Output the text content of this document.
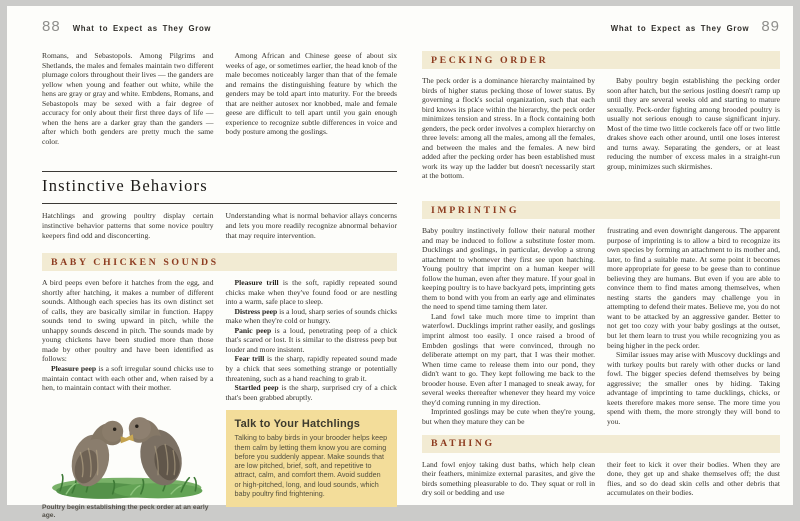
88 What to Expect as They Grow

Romans, and Sebastopols. Among Pilgrims and Shetlands, the males and females maintain two different plumage colors throughout their lives — the ganders are yellow when young and feather out white, while the hens are gray or gray and white. Embdens, Romans, and Sebastopols may be sexed with a fair degree of accuracy for only about their first three days of life — when the hens are a darker gray than the ganders — after which both genders are pretty much the same color.

Among African and Chinese geese of about six weeks of age, or sometimes earlier, the head knob of the male becomes noticeably larger than that of the female and remains the distinguishing feature by which the genders may be told apart into maturity. For the breeds that are neither autosex nor knobbed, male and female geese are difficult to tell apart until you gain enough experience to recognize subtle differences in voice and body posture among the goslings.

Instinctive Behaviors

Hatchlings and growing poultry display certain instinctive behavior patterns that some novice poultry keepers find odd and disconcerting.

Understanding what is normal behavior allays concerns and lets you more readily recognize abnormal behavior that may require intervention.

BABY CHICKEN SOUNDS

A bird peeps even before it hatches from the egg, and shortly after hatching, it makes a number of different sounds. Although each species has its own distinct set of calls, they are basically similar in function. Happy sounds tend to swing upward in pitch, while the unhappy sounds descend in pitch. The sounds made by young chickens have been studied more than those made by other poultry and have been identified as follows:

Pleasure peep is a soft irregular sound chicks use to maintain contact with each other and, when raised by a hen, to maintain contact with their mother.

Poultry begin establishing the peck order at an early age.

Pleasure trill is the soft, rapidly repeated sound chicks make when they've found food or are nestling into a warm, safe place to sleep.

Distress peep is a loud, sharp series of sounds chicks make when they're cold or hungry.

Panic peep is a loud, penetrating peep of a chick that's scared or lost. It is similar to the distress peep but louder and more insistent.

Fear trill is the sharp, rapidly repeated sound made by a chick that sees something strange or potentially threatening, such as a hand reaching to grab it.

Startled peep is the sharp, surprised cry of a chick that's been grabbed abruptly.

Talk to Your Hatchlings

Talking to baby birds in your brooder helps keep them calm by letting them know you are coming before you suddenly appear. Make sounds that are low pitched, brief, soft, and repetitive to attract, calm, and comfort them. Avoid sudden or high-pitched, long, and loud sounds, which baby poultry find frightening.

What to Expect as They Grow 89
PECKING ORDER

The peck order is a dominance hierarchy maintained by birds of higher status pecking those of lower status. By governing a flock's social organization, such that each bird knows its place within the hierarchy, the peck order minimizes tension and stress. In a flock containing both genders, the peck order involves a complex hierarchy on three levels: among all the males, among all the females, and between the males and the females. A new bird added after the pecking order has been established must work its way up the ladder but doesn't necessarily start at the bottom.

Baby poultry begin establishing the pecking order soon after hatch, but the serious jostling doesn't ramp up until they are several weeks old and starting to mature sexually. Peck-order fighting among brooded poultry is usually not serious enough to cause significant injury. Most of the time two little cockerels face off or two little drakes shove each other around, until one loses interest and turns away. Separating the genders, or at least reducing the number of excess males in a straight-run group, minimizes such skirmishes.

IMPRINTING

Baby poultry instinctively follow their natural mother and may be induced to follow a substitute foster mom. Ducklings and goslings, in particular, develop a strong attachment to whomever they first see upon hatching. Young poultry that imprint on a human keeper will follow the human, even after they mature. If your goal in keeping poultry is to have backyard pets, imprinting gets them to bond with you from an early age and eliminates the need to spend time taming them later.

Land fowl take much more time to imprint than waterfowl. Ducklings imprint rather easily, and goslings imprint almost too easily. I once raised a brood of Embden goslings that were convinced, through no deliberate attempt on my part, that I was their mother. When time came to release them into our pond, they didn't want to go. They kept following me back to the brooder house. Even after I managed to sneak away, for several weeks thereafter whenever they heard my voice they'd coming running in my direction.

Imprinted goslings may be cute when they're young, but when they mature they can be

frustrating and even downright dangerous. The apparent purpose of imprinting is to allow a bird to recognize its own species by forming an attachment to its mother and, later, to find a suitable mate. At some point it becomes more appropriate for geese to be geese than to continue believing they are humans. But even if you are able to convince them to find mates among themselves, when nesting starts the ganders may challenge you in attempting to defend their mates. Believe me, you do not want to be attacked by an aggressive gander. Better to not get too cozy with your baby goslings at the outset, but let them learn to trust you while recognizing you as being higher in the peck order.

Similar issues may arise with Muscovy ducklings and with turkey poults but rarely with other ducks or land fowl. The bigger species defend themselves by being aggressive; the smaller ones by hiding. Taking advantage of imprinting to tame ducklings, chicks, or keets therefore makes more sense. The more time you spend with them, the more strongly they will bond to you.

BATHING

Land fowl enjoy taking dust baths, which help clean their feathers, minimize external parasites, and give the birds something pleasurable to do. They squat or roll in dry soil or bedding and use

their feet to kick it over their bodies. When they are done, they get up and shake themselves off; the dust flies, and so do dead skin cells and other debris that accumulates on their bodies.
